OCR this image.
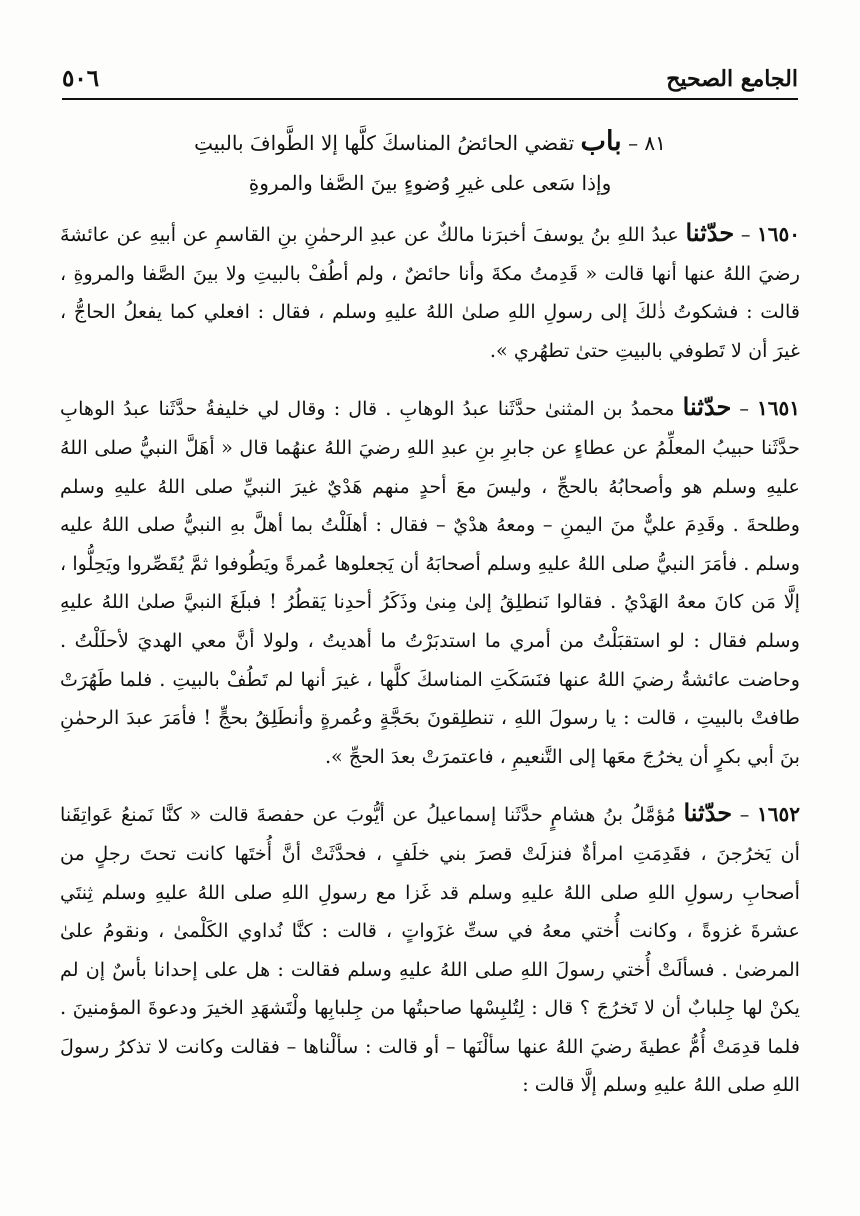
الجامع الصحيح
٥٠٦
٨١ – باب تقضي الحائضُ المناسكَ كلَّها إلا الطَّوافَ بالبيتِ
وإذا سَعى على غيرِ وُضوءٍ بينَ الصَّفا والمروةِ

١٦٥٠ – حدّثنا عبدُ اللهِ بنُ يوسفَ أخبرَنا مالكٌ عن عبدِ الرحمٰنِ بنِ القاسمِ عن أبيهِ عن عائشةَ رضيَ اللهُ عنها أنها قالت « قَدِمتُ مكةَ وأنا حائضٌ ، ولم أطُفْ بالبيتِ ولا بينَ الصَّفا والمروةِ ، قالت : فشكوتُ ذٰلكَ إلى رسولِ اللهِ صلىٰ اللهُ عليهِ وسلم ، فقال : افعلي كما يفعلُ الحاجُّ ، غيرَ أن لا تَطوفي بالبيتِ حتىٰ تطهُري ».

١٦٥١ – حدّثنا محمدُ بن المثنىٰ حدَّثَنا عبدُ الوهابِ . قال : وقال لي خليفةُ حدَّثَنا عبدُ الوهابِ حدَّثَنا حبيبُ المعلِّمُ عن عطاءٍ عن جابرِ بنِ عبدِ اللهِ رضيَ اللهُ عنهُما قال « أهَلَّ النبيُّ صلى اللهُ عليهِ وسلم هو وأصحابُهُ بالحجِّ ، وليسَ معَ أحدٍ منهم هَدْيٌ غيرَ النبيِّ صلى اللهُ عليهِ وسلم وطلحةَ . وقَدِمَ عليٌّ منَ اليمنِ – ومعهُ هدْيٌ – فقال : أهلَلْتُ بما أهلَّ بهِ النبيُّ صلى اللهُ عليه وسلم . فأمَرَ النبيُّ صلى اللهُ عليهِ وسلم أصحابَهُ أن يَجعلوها عُمرةً ويَطُوفوا ثمَّ يُقَصِّروا ويَحِلُّوا ، إلَّا مَن كانَ معهُ الهَدْيُ . فقالوا نَنطلِقُ إلىٰ مِنىٰ وذَكَرُ أحدِنا يَقطُرُ ! فبلَغَ النبيَّ صلىٰ اللهُ عليهِ وسلم فقال : لو استقبَلْتُ من أمري ما استدبَرْتُ ما أهديتُ ، ولولا أنَّ معي الهديَ لأحلَلْتُ . وحاضت عائشةُ رضيَ اللهُ عنها فنَسَكَتِ المناسكَ كلَّها ، غيرَ أنها لم تَطُفْ بالبيتِ . فلما طَهُرَتْ طافتْ بالبيتِ ، قالت : يا رسولَ اللهِ ، تنطلِقونَ بحَجَّةٍ وعُمرةٍ وأنطَلِقُ بحجٍّ ! فأمَرَ عبدَ الرحمٰنِ بنَ أبي بكرٍ أن يخرُجَ معَها إلى التَّنعيمِ ، فاعتمرَتْ بعدَ الحجِّ ».

١٦٥٢ – حدّثنا مُؤمَّلُ بنُ هشامٍ حدَّثَنا إسماعيلُ عن أيُّوبَ عن حفصةَ قالت « كنَّا نَمنعُ عَواتِقَنا أن يَخرُجنَ ، فقَدِمَتِ امرأةٌ فنزلَتْ قصرَ بني خلَفٍ ، فحدَّثَتْ أنَّ أُختَها كانت تحتَ رجلٍ من أصحابِ رسولِ اللهِ صلى اللهُ عليهِ وسلم قد غَزا مع رسولِ اللهِ صلى اللهُ عليهِ وسلم ثِنتَي عشرةَ غزوةً ، وكانت أُختي معهُ في ستِّ غزَواتٍ ، قالت : كنَّا نُداوي الكَلْمىٰ ، ونقومُ علىٰ المرضىٰ . فسألَتْ أُختي رسولَ اللهِ صلى اللهُ عليهِ وسلم فقالت : هل على إحدانا بأسٌ إن لم يكنْ لها جِلبابٌ أن لا تَخرُجَ ؟ قال : لِتُلبِسْها صاحبتُها من جِلبابِها ولْتَشهَدِ الخيرَ ودعوةَ المؤمنينَ . فلما قدِمَتْ أُمُّ عطيةَ رضيَ اللهُ عنها سألْنَها – أو قالت : سألْناها – فقالت وكانت لا تذكرُ رسولَ اللهِ صلى اللهُ عليهِ وسلم إلَّا قالت :
